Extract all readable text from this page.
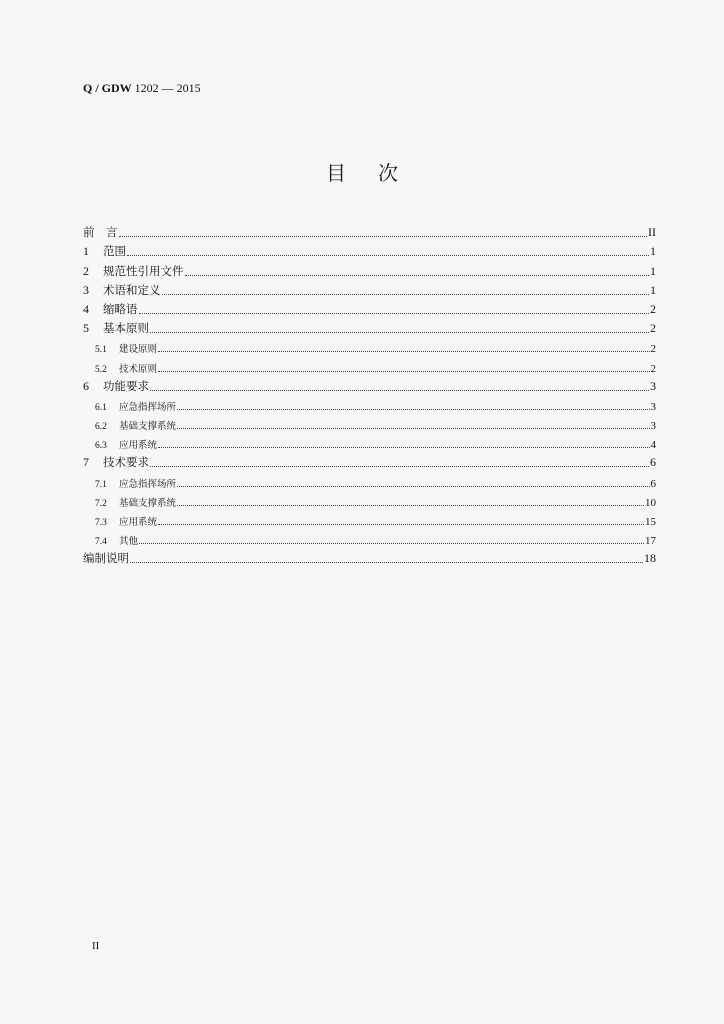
Q / GDW 1202 — 2015
目次
前　言	II
1	范围	1
2	规范性引用文件	1
3	术语和定义	1
4	缩略语	2
5	基本原则	2
5.1	建设原则	2
5.2	技术原则	2
6	功能要求	3
6.1	应急指挥场所	3
6.2	基础支撑系统	3
6.3	应用系统	4
7	技术要求	6
7.1	应急指挥场所	6
7.2	基础支撑系统	10
7.3	应用系统	15
7.4	其他	17
编制说明	18
II
